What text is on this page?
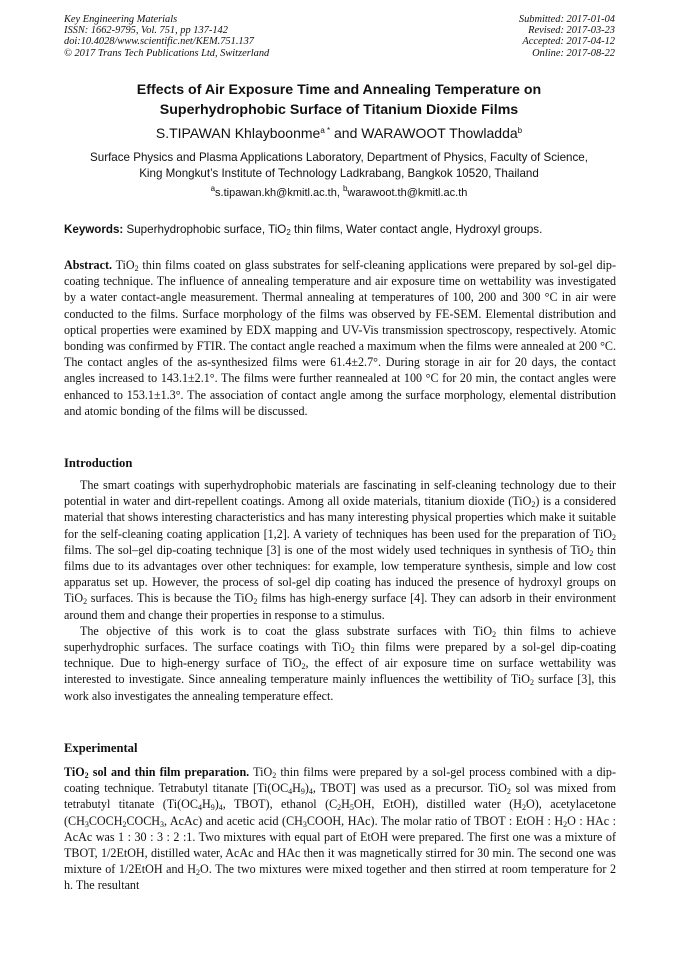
Key Engineering Materials
ISSN: 1662-9795, Vol. 751, pp 137-142
doi:10.4028/www.scientific.net/KEM.751.137
© 2017 Trans Tech Publications Ltd, Switzerland
Submitted: 2017-01-04
Revised: 2017-03-23
Accepted: 2017-04-12
Online: 2017-08-22
Effects of Air Exposure Time and Annealing Temperature on
Superhydrophobic Surface of Titanium Dioxide Films
S.TIPAWAN Khlayboonme$^{a *}$ and WARAWOOT Thowladda$^b$
Surface Physics and Plasma Applications Laboratory, Department of Physics, Faculty of Science,
King Mongkut’s Institute of Technology Ladkrabang, Bangkok 10520, Thailand
$^a$s.tipawan.kh@kmitl.ac.th, $^b$warawoot.th@kmitl.ac.th
Keywords: Superhydrophobic surface, TiO$_2$ thin films, Water contact angle, Hydroxyl groups.
Abstract. TiO$_2$ thin films coated on glass substrates for self-cleaning applications were prepared by sol-gel dip-coating technique. The influence of annealing temperature and air exposure time on wettability was investigated by a water contact-angle measurement. Thermal annealing at temperatures of 100, 200 and 300 °C in air were conducted to the films. Surface morphology of the films was observed by FE-SEM. Elemental distribution and optical properties were examined by EDX mapping and UV-Vis transmission spectroscopy, respectively. Atomic bonding was confirmed by FTIR. The contact angle reached a maximum when the films were annealed at 200 °C. The contact angles of the as-synthesized films were 61.4±2.7°. During storage in air for 20 days, the contact angles increased to 143.1±2.1°. The films were further reannealed at 100 °C for 20 min, the contact angles were enhanced to 153.1±1.3°. The association of contact angle among the surface morphology, elemental distribution and atomic bonding of the films will be discussed.
Introduction

The smart coatings with superhydrophobic materials are fascinating in self-cleaning technology due to their potential in water and dirt-repellent coatings. Among all oxide materials, titanium dioxide (TiO$_2$) is a considered material that shows interesting characteristics and has many interesting physical properties which make it suitable for the self-cleaning coating application [1,2]. A variety of techniques has been used for the preparation of TiO$_2$ films. The sol–gel dip-coating technique [3] is one of the most widely used techniques in synthesis of TiO$_2$ thin films due to its advantages over other techniques: for example, low temperature synthesis, simple and low cost apparatus set up. However, the process of sol-gel dip coating has induced the presence of hydroxyl groups on TiO$_2$ surfaces. This is because the TiO$_2$ films has high-energy surface [4]. They can adsorb in their environment around them and change their properties in response to a stimulus.

The objective of this work is to coat the glass substrate surfaces with TiO$_2$ thin films to achieve superhydrophic surfaces. The surface coatings with TiO$_2$ thin films were prepared by a sol-gel dip-coating technique. Due to high-energy surface of TiO$_2$, the effect of air exposure time on surface wettability was interested to investigate. Since annealing temperature mainly influences the wettibility of TiO$_2$ surface [3], this work also investigates the annealing temperature effect.

Experimental
TiO$_2$ sol and thin film preparation. TiO$_2$ thin films were prepared by a sol-gel process combined with a dip-coating technique. Tetrabutyl titanate [$Ti(OC_4H_9)_4$, TBOT] was used as a precursor. TiO$_2$ sol was mixed from tetrabutyl titanate ($Ti(OC_4H_9)_4$, TBOT), ethanol ($C_2H_5OH$, EtOH), distilled water $(H_2O)$, acetylacetone ($CH_3COCH_2COCH_3$, AcAc) and acetic acid ($CH_3COOH$, HAc). The molar ratio of TBOT : EtOH : $H_2O$ : HAc : AcAc was 1 : 30 : 3 : 2 :1. Two mixtures with equal part of EtOH were prepared. The first one was a mixture of TBOT, 1/2EtOH, distilled water, AcAc and HAc then it was magnetically stirred for 30 min. The second one was mixture of 1/2EtOH and $H_2O$. The two mixtures were mixed together and then stirred at room temperature for 2 h. The resultant
